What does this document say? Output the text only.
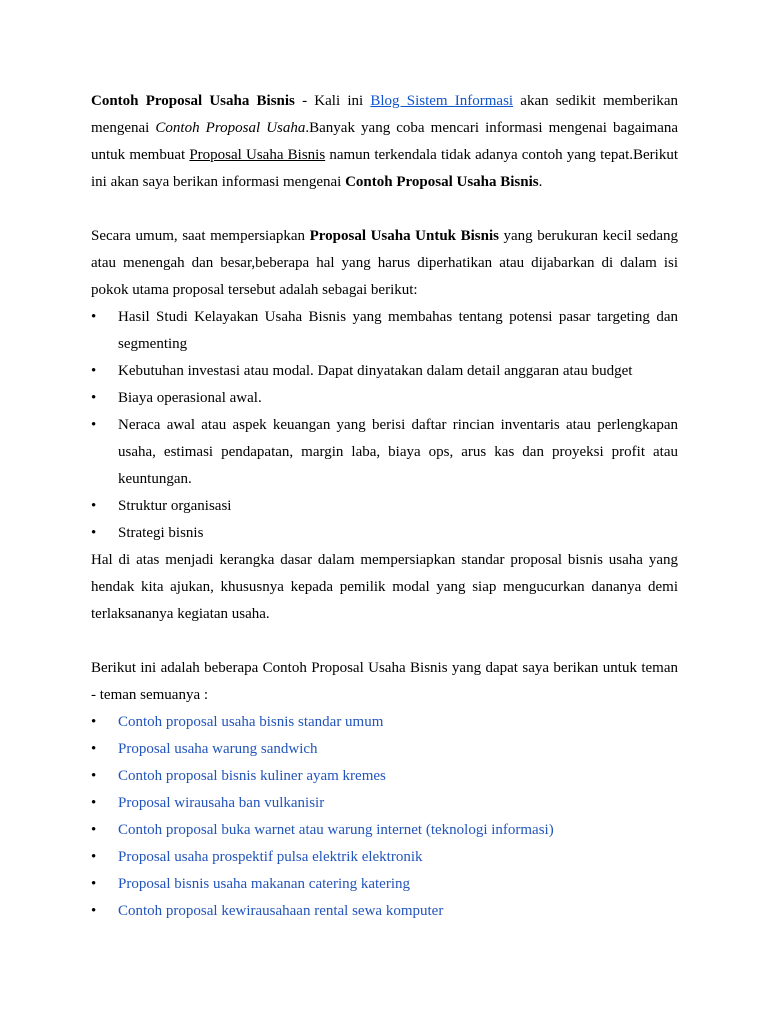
Contoh Proposal Usaha Bisnis - Kali ini Blog Sistem Informasi akan sedikit memberikan mengenai Contoh Proposal Usaha.Banyak yang coba mencari informasi mengenai bagaimana untuk membuat Proposal Usaha Bisnis namun terkendala tidak adanya contoh yang tepat.Berikut ini akan saya berikan informasi mengenai Contoh Proposal Usaha Bisnis.

Secara umum, saat mempersiapkan Proposal Usaha Untuk Bisnis yang berukuran kecil sedang atau menengah dan besar,beberapa hal yang harus diperhatikan atau dijabarkan di dalam isi pokok utama proposal tersebut adalah sebagai berikut:

• Hasil Studi Kelayakan Usaha Bisnis yang membahas tentang potensi pasar targeting dan segmenting
• Kebutuhan investasi atau modal. Dapat dinyatakan dalam detail anggaran atau budget
• Biaya operasional awal.
• Neraca awal atau aspek keuangan yang berisi daftar rincian inventaris atau perlengkapan usaha, estimasi pendapatan, margin laba, biaya ops, arus kas dan proyeksi profit atau keuntungan.
• Struktur organisasi
• Strategi bisnis

Hal di atas menjadi kerangka dasar dalam mempersiapkan standar proposal bisnis usaha yang hendak kita ajukan, khususnya kepada pemilik modal yang siap mengucurkan dananya demi terlaksananya kegiatan usaha.

Berikut ini adalah beberapa Contoh Proposal Usaha Bisnis yang dapat saya berikan untuk teman - teman semuanya :

• Contoh proposal usaha bisnis standar umum
• Proposal usaha warung sandwich
• Contoh proposal bisnis kuliner ayam kremes
• Proposal wirausaha ban vulkanisir
• Contoh proposal buka warnet atau warung internet (teknologi informasi)
• Proposal usaha prospektif pulsa elektrik elektronik
• Proposal bisnis usaha makanan catering katering
• Contoh proposal kewirausahaan rental sewa komputer
